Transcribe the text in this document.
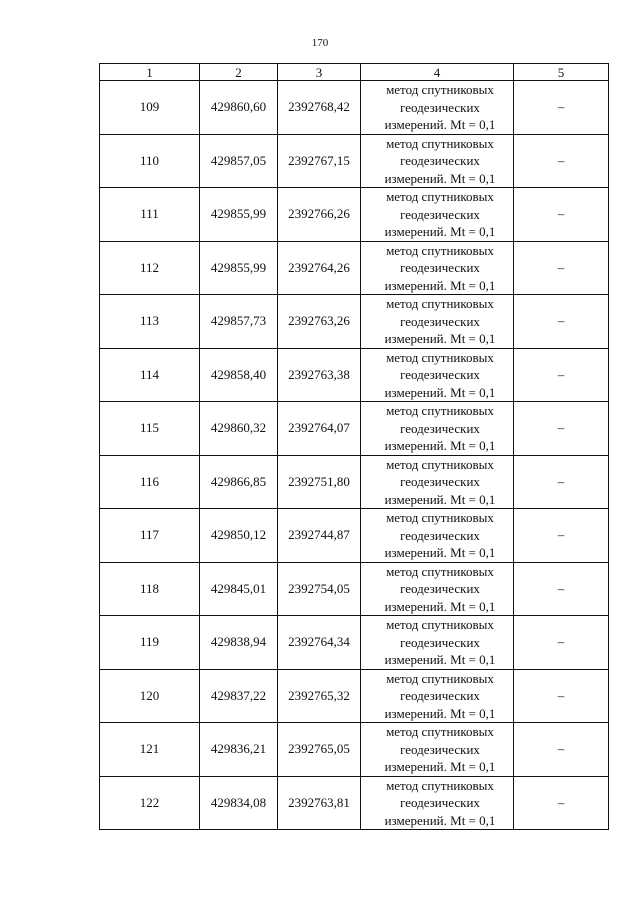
170
1	2	3	4	5
109	429860,60	2392768,42	метод спутниковых
геодезических
измерений. Mt = 0,1	–
110	429857,05	2392767,15	метод спутниковых
геодезических
измерений. Mt = 0,1	–
111	429855,99	2392766,26	метод спутниковых
геодезических
измерений. Mt = 0,1	–
112	429855,99	2392764,26	метод спутниковых
геодезических
измерений. Mt = 0,1	–
113	429857,73	2392763,26	метод спутниковых
геодезических
измерений. Mt = 0,1	–
114	429858,40	2392763,38	метод спутниковых
геодезических
измерений. Mt = 0,1	–
115	429860,32	2392764,07	метод спутниковых
геодезических
измерений. Mt = 0,1	–
116	429866,85	2392751,80	метод спутниковых
геодезических
измерений. Mt = 0,1	–
117	429850,12	2392744,87	метод спутниковых
геодезических
измерений. Mt = 0,1	–
118	429845,01	2392754,05	метод спутниковых
геодезических
измерений. Mt = 0,1	–
119	429838,94	2392764,34	метод спутниковых
геодезических
измерений. Mt = 0,1	–
120	429837,22	2392765,32	метод спутниковых
геодезических
измерений. Mt = 0,1	–
121	429836,21	2392765,05	метод спутниковых
геодезических
измерений. Mt = 0,1	–
122	429834,08	2392763,81	метод спутниковых
геодезических
измерений. Mt = 0,1	–
